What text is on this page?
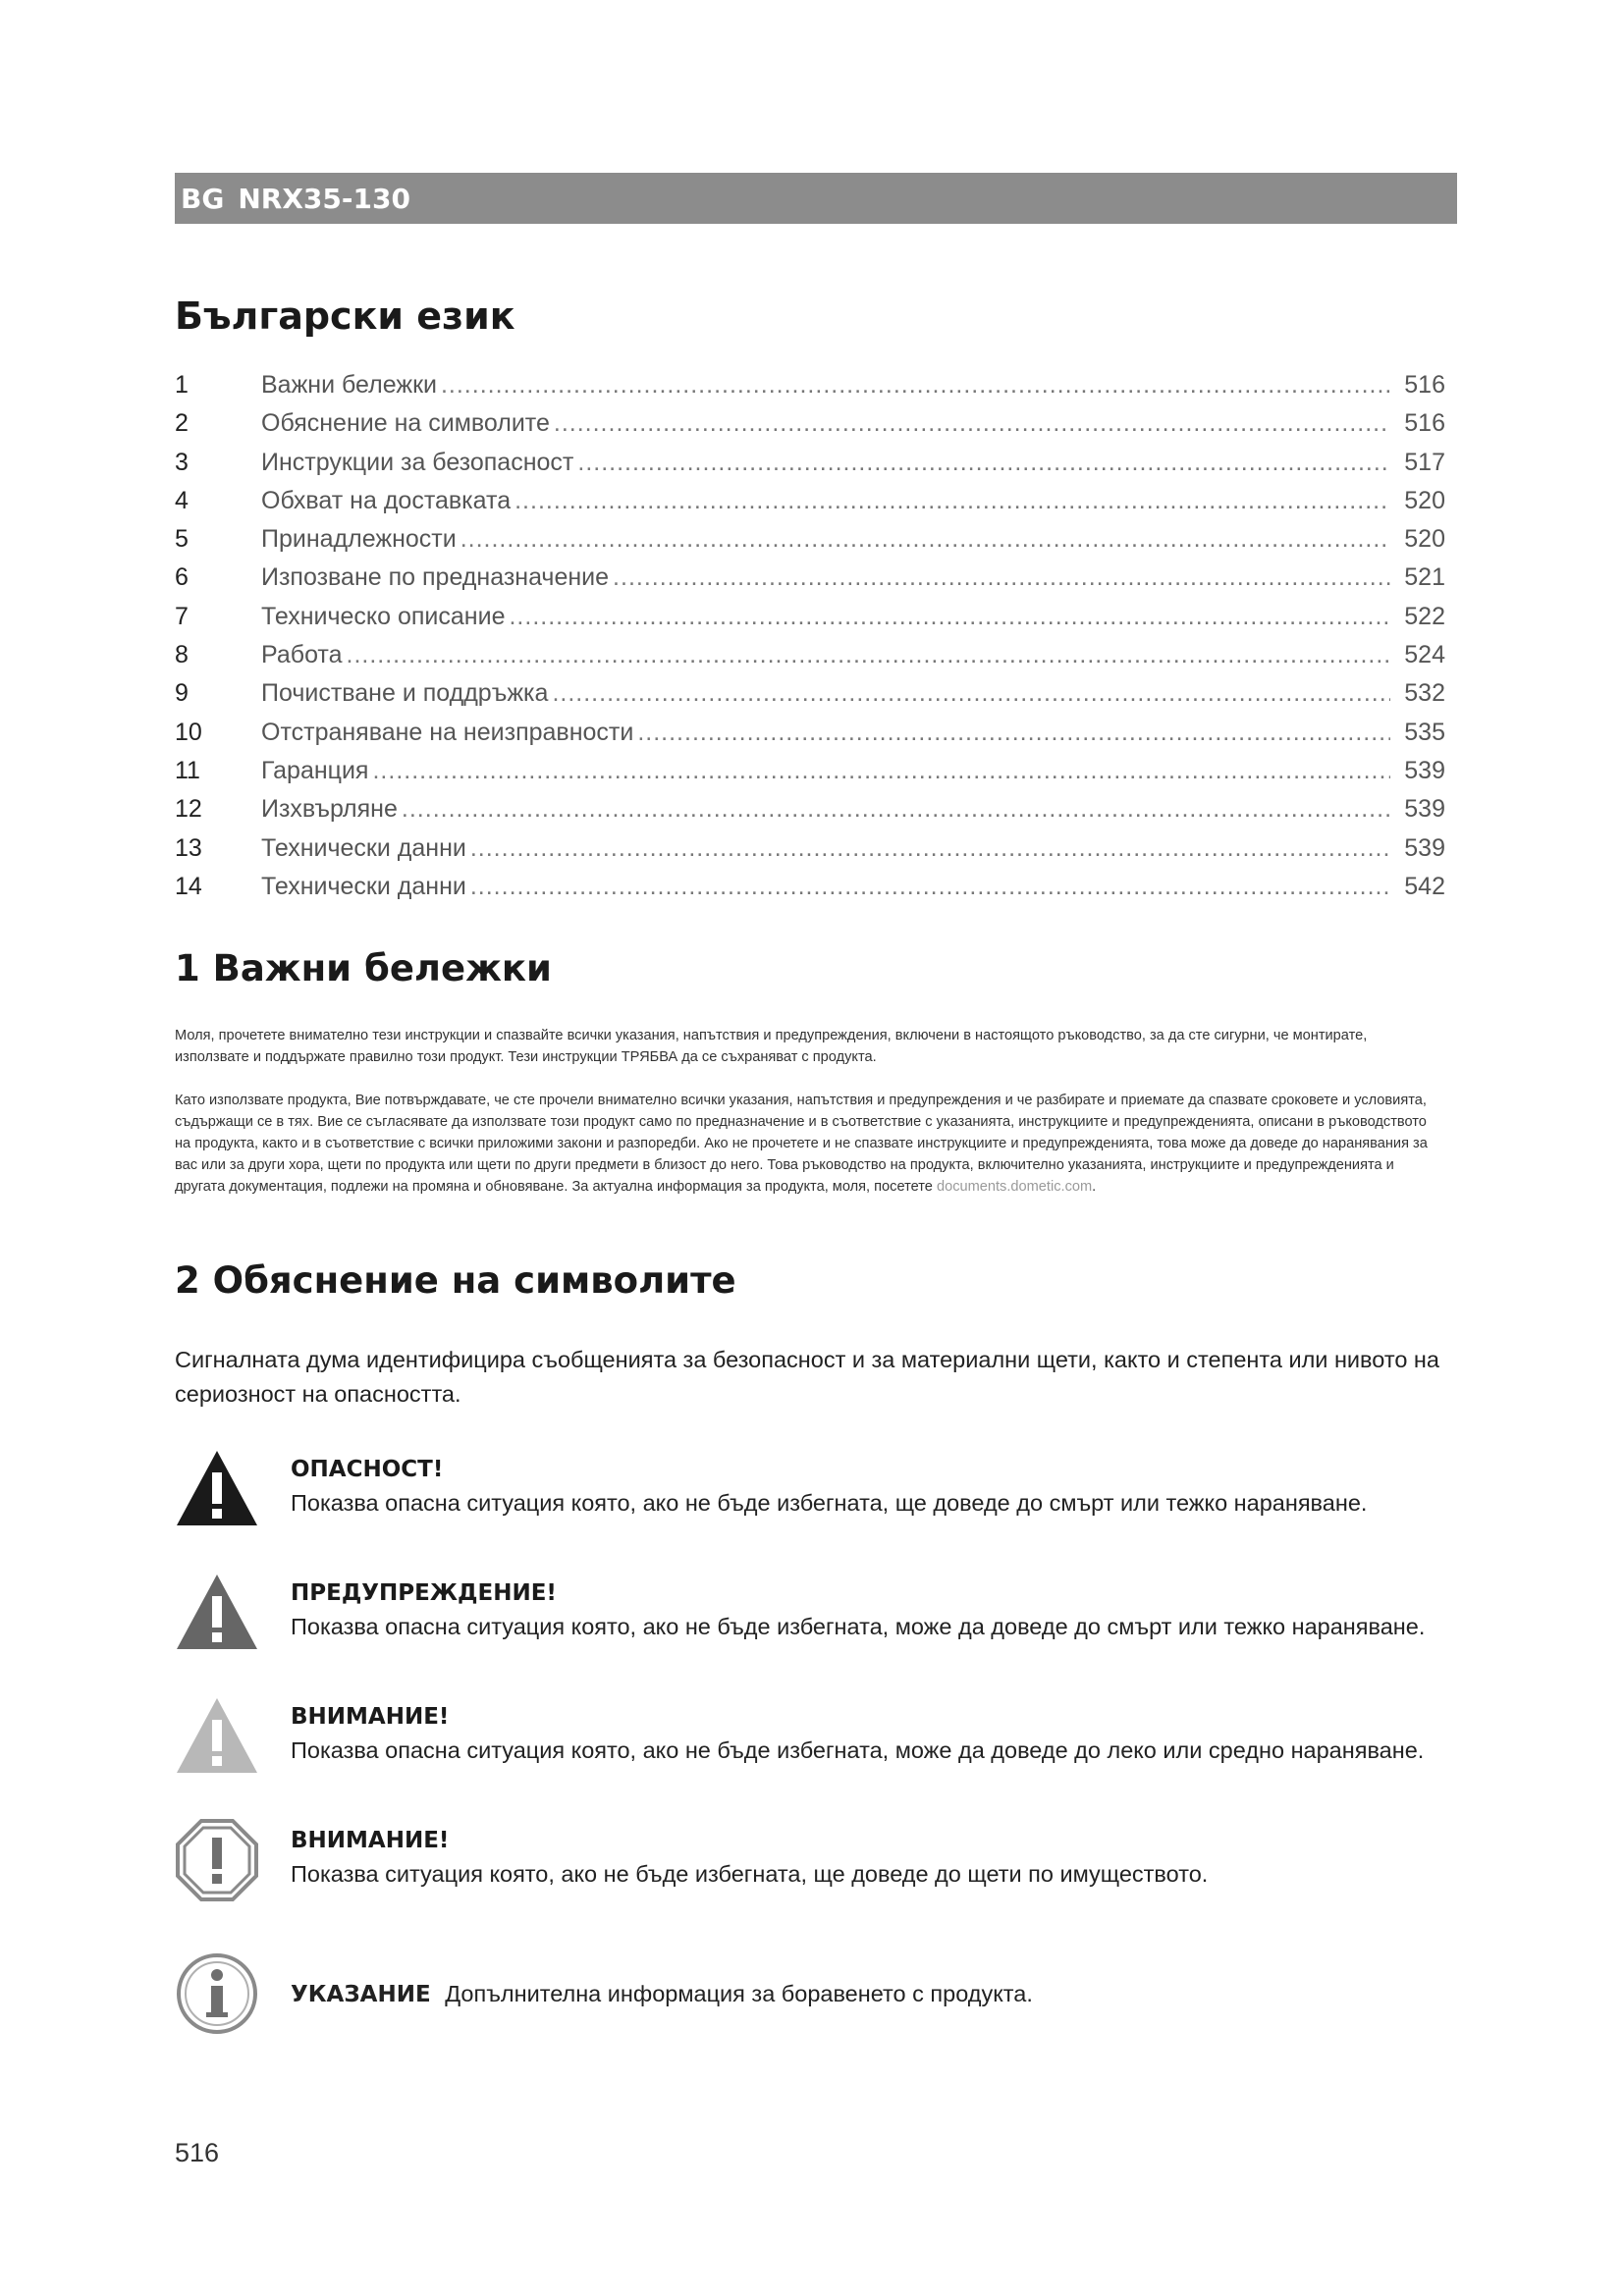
BG NRX35-130
Български език
1	Важни бележки .....	516
2	Обяснение на символите .....	516
3	Инструкции за безопасност .....	517
4	Обхват на доставката .....	520
5	Принадлежности .....	520
6	Изпозване по предназначение .....	521
7	Техническо описание .....	522
8	Работа .....	524
9	Почистване и поддръжка .....	532
10	Отстраняване на неизправности .....	535
11	Гаранция .....	539
12	Изхвърляне .....	539
13	Технически данни .....	539
14	Технически данни .....	542
1 Важни бележки

Моля, прочетете внимателно тези инструкции и спазвайте всички указания, напътствия и предупреждения, включени в настоящото ръководство, за да сте сигурни, че монтирате, използвате и поддържате правилно този продукт. Тези инструкции ТРЯБВА да се съхраняват с продукта.

Като използвате продукта, Вие потвърждавате, че сте прочели внимателно всички указания, напътствия и предупреждения и че разбирате и приемате да спазвате сроковете и условията, съдържащи се в тях. Вие се съгласявате да използвате този продукт само по предназначение и в съответствие с указанията, инструкциите и предупрежденията, описани в ръководството на продукта, както и в съответствие с всички приложими закони и разпоредби. Ако не прочетете и не спазвате инструкциите и предупрежденията, това може да доведе до наранявания за вас или за други хора, щети по продукта или щети по други предмети в близост до него. Това ръководство на продукта, включително указанията, инструкциите и предупрежденията и другата документация, подлежи на промяна и обновяване. За актуална информация за продукта, моля, посетете documents.dometic.com.

2 Обяснение на символите

Сигналната дума идентифицира съобщенията за безопасност и за материални щети, както и степента или нивото на сериозност на опасността.

ОПАСНОСТ!
Показва опасна ситуация която, ако не бъде избегната, ще доведе до смърт или тежко нараняване.
ПРЕДУПРЕЖДЕНИЕ!
Показва опасна ситуация която, ако не бъде избегната, може да доведе до смърт или тежко нараняване.
ВНИМАНИЕ!
Показва опасна ситуация която, ако не бъде избегната, може да доведе до леко или средно нараняване.
ВНИМАНИЕ!
Показва ситуация която, ако не бъде избегната, ще доведе до щети по имуществото.
УКАЗАНИЕ Допълнителна информация за боравенето с продукта.
516
